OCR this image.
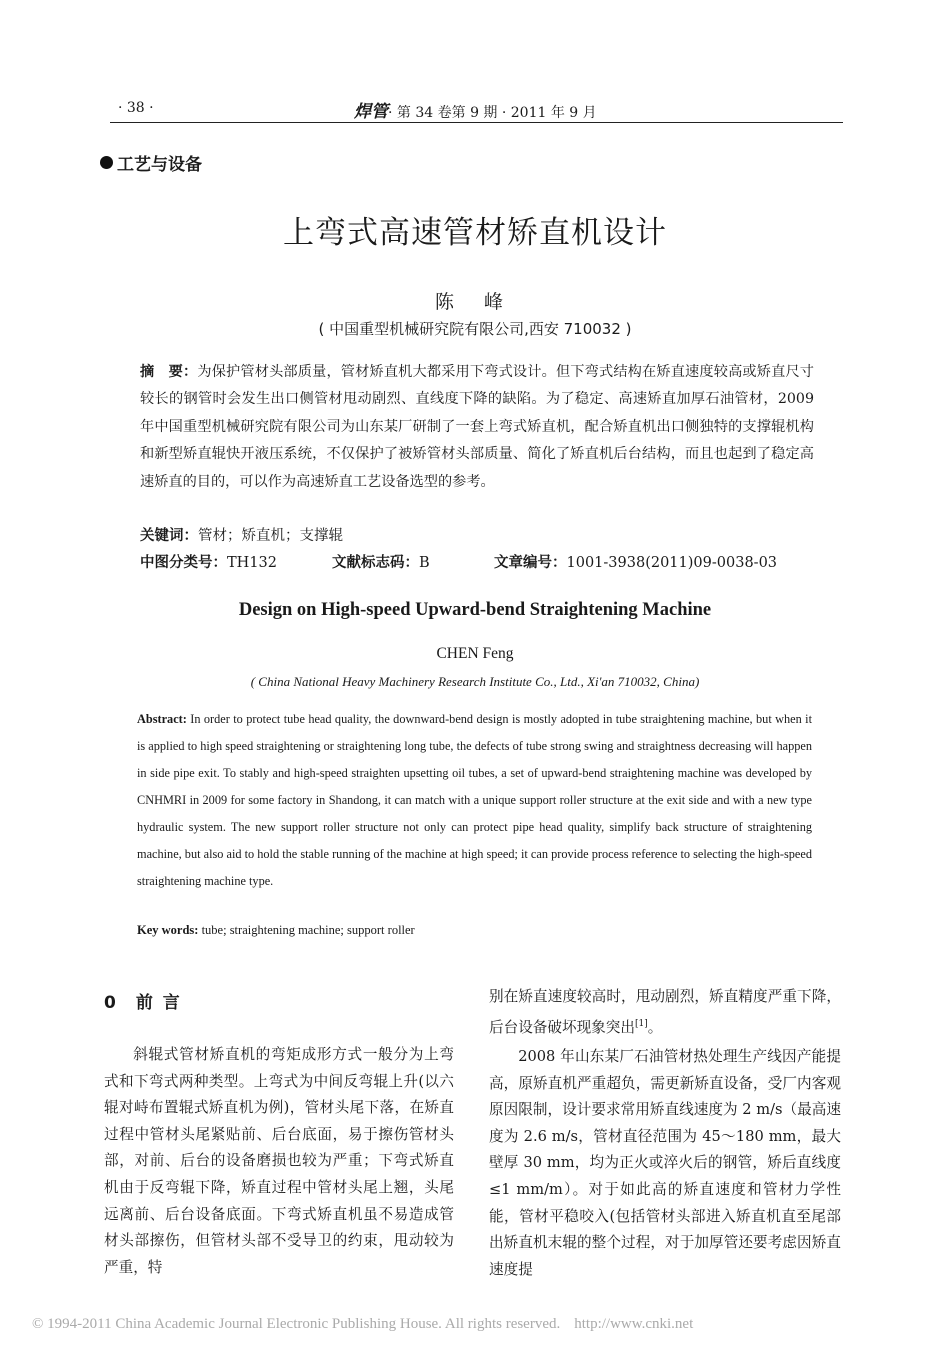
· 38 ·	焊管· 第 34 卷第 9 期 · 2011 年 9 月
工艺与设备
上弯式高速管材矫直机设计
陈 峰
( 中国重型机械研究院有限公司,西安 710032 )
摘　要：为保护管材头部质量，管材矫直机大都采用下弯式设计。但下弯式结构在矫直速度较高或矫直尺寸较长的钢管时会发生出口侧管材甩动剧烈、直线度下降的缺陷。为了稳定、高速矫直加厚石油管材，2009 年中国重型机械研究院有限公司为山东某厂研制了一套上弯式矫直机，配合矫直机出口侧独特的支撑辊机构和新型矫直辊快开液压系统，不仅保护了被矫管材头部质量、简化了矫直机后台结构，而且也起到了稳定高速矫直的目的，可以作为高速矫直工艺设备选型的参考。
关键词：管材；矫直机；支撑辊
中图分类号：TH132	文献标志码：B	文章编号：1001-3938(2011)09-0038-03
Design on High-speed Upward-bend Straightening Machine
CHEN Feng
( China National Heavy Machinery Research Institute Co., Ltd., Xi'an 710032, China)
Abstract: In order to protect tube head quality, the downward-bend design is mostly adopted in tube straightening machine, but when it is applied to high speed straightening or straightening long tube, the defects of tube strong swing and straightness decreasing will happen in side pipe exit. To stably and high-speed straighten upsetting oil tubes, a set of upward-bend straightening machine was developed by CNHMRI in 2009 for some factory in Shandong, it can match with a unique support roller structure at the exit side and with a new type hydraulic system. The new support roller structure not only can protect pipe head quality, simplify back structure of straightening machine, but also aid to hold the stable running of the machine at high speed; it can provide process reference to selecting the high-speed straightening machine type.
Key words: tube; straightening machine; support roller
0 前 言
斜辊式管材矫直机的弯矩成形方式一般分为上弯式和下弯式两种类型。上弯式为中间反弯辊上升(以六辊对峙布置辊式矫直机为例)，管材头尾下落，在矫直过程中管材头尾紧贴前、后台底面，易于擦伤管材头部，对前、后台的设备磨损也较为严重；下弯式矫直机由于反弯辊下降，矫直过程中管材头尾上翘，头尾远离前、后台设备底面。下弯式矫直机虽不易造成管材头部擦伤，但管材头部不受导卫的约束，甩动较为严重，特
别在矫直速度较高时，甩动剧烈，矫直精度严重下降，后台设备破坏现象突出[1]。
2008 年山东某厂石油管材热处理生产线因产能提高，原矫直机严重超负，需更新矫直设备，受厂内客观原因限制，设计要求常用矫直线速度为 2 m/s（最高速度为 2.6 m/s，管材直径范围为 45～180 mm，最大壁厚 30 mm，均为正火或淬火后的钢管，矫后直线度≤1 mm/m）。对于如此高的矫直速度和管材力学性能，管材平稳咬入(包括管材头部进入矫直机直至尾部出矫直机末辊的整个过程，对于加厚管还要考虑因矫直速度提
© 1994-2011 China Academic Journal Electronic Publishing House. All rights reserved. http://www.cnki.net
